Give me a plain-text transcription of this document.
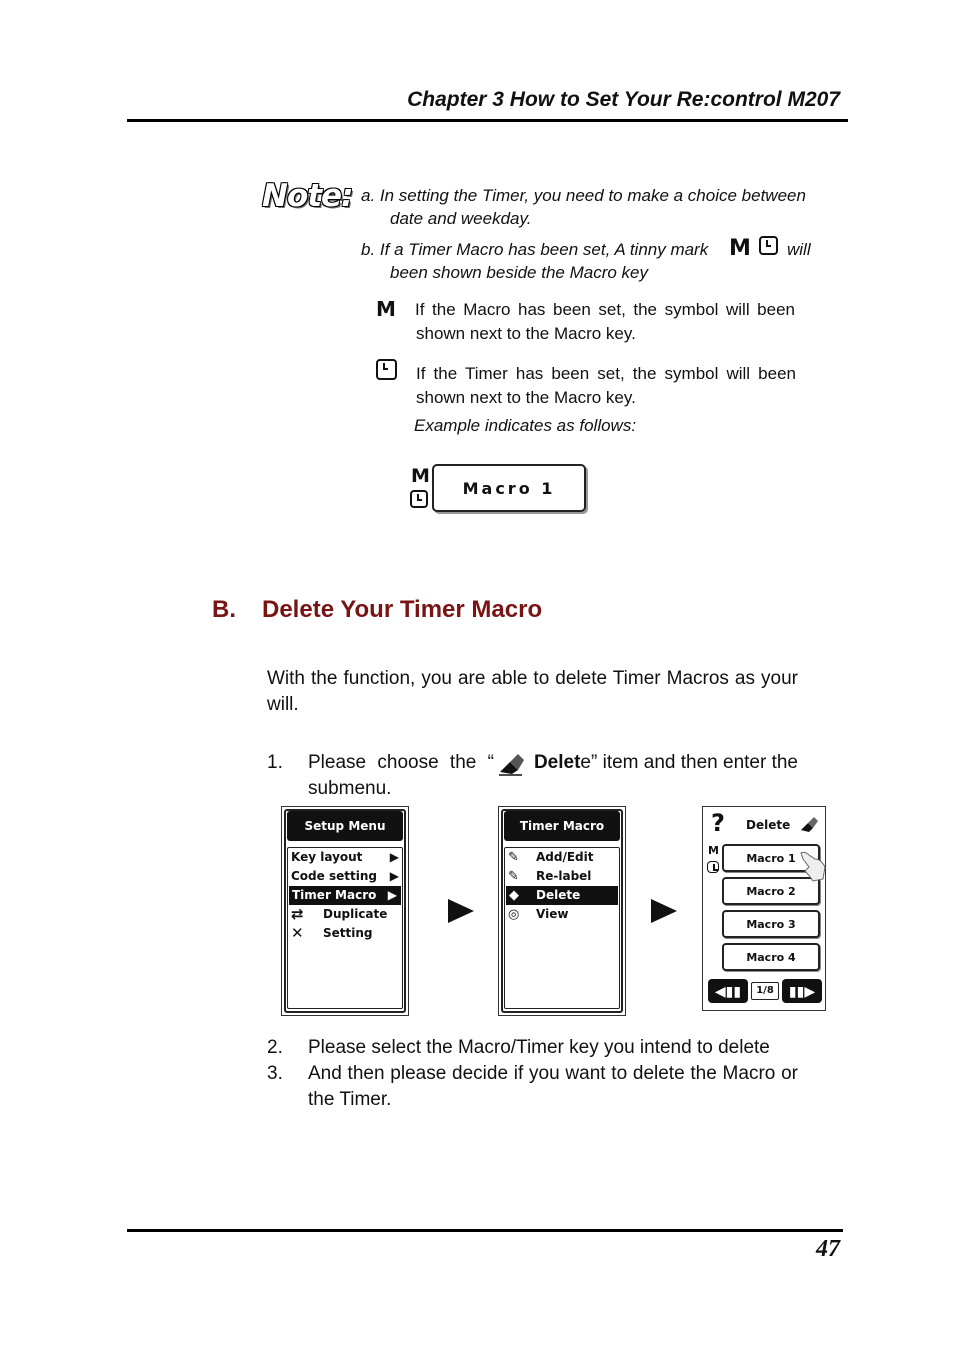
Chapter 3 How to Set Your Re:control M207
Note: a. In setting the Timer, you need to make a choice between
date and weekday.
b. If a Timer Macro has been set, A tinny mark M will
been shown beside the Macro key
M If the Macro has been set, the symbol will been
shown next to the Macro key.
If the Timer has been set, the symbol will been
shown next to the Macro key.
Example indicates as follows:
M
Macro 1
B. Delete Your Timer Macro
With the function, you are able to delete Timer Macros as your
will.
1. Please choose the “ Delet e” item and then enter the
submenu.
Setup Menu
Key layout ▶
Code setting ▶
Timer Macro ▶
⇄ Duplicate
✕ Setting
Timer Macro
✎ Add/Edit
✎ Re-label
◆ Delete
◎ View
? Delete
M
Macro 1
Macro 2
Macro 3
Macro 4
◀▮▮	1/8	▮▮▶
2. Please select the Macro/Timer key you intend to delete
3. And then please decide if you want to delete the Macro or
the Timer.
47
